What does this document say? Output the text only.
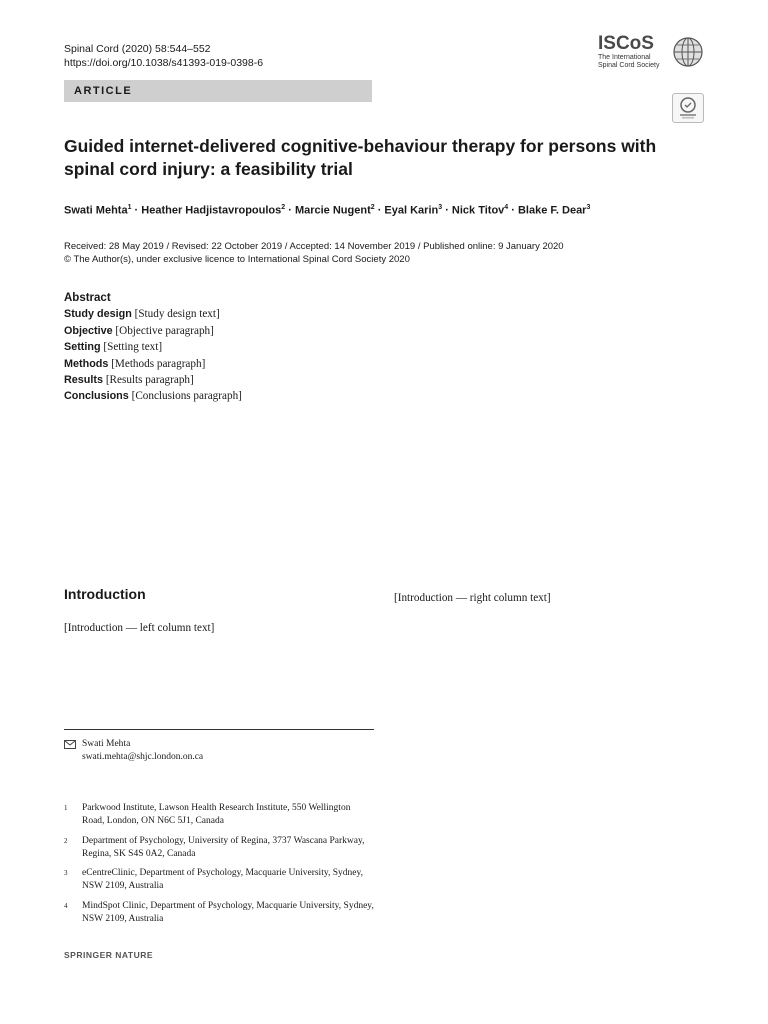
Spinal Cord (2020) 58:544–552
https://doi.org/10.1038/s41393-019-0398-6
ARTICLE
ISCoS
The International
Spinal Cord Society
Guided internet-delivered cognitive-behaviour therapy for persons with spinal cord injury: a feasibility trial
Swati Mehta$^1$ · Heather Hadjistavropoulos$^2$ · Marcie Nugent$^2$ · Eyal Karin$^3$ · Nick Titov$^4$ · Blake F. Dear$^3$
Received: 28 May 2019 / Revised: 22 October 2019 / Accepted: 14 November 2019 / Published online: 9 January 2020
© The Author(s), under exclusive licence to International Spinal Cord Society 2020
Abstract
Study design [Study design text]
Objective [Objective paragraph]
Setting [Setting text]
Methods [Methods paragraph]
Results [Results paragraph]
Conclusions [Conclusions paragraph]
Introduction
[Introduction — left column text]
[Introduction — right column text]
Swati Mehta
swati.mehta@shjc.london.on.ca
1 Parkwood Institute, Lawson Health Research Institute, 550 Wellington Road, London, ON N6C 5J1, Canada
2 Department of Psychology, University of Regina, 3737 Wascana Parkway, Regina, SK S4S 0A2, Canada
3 eCentreClinic, Department of Psychology, Macquarie University, Sydney, NSW 2109, Australia
4 MindSpot Clinic, Department of Psychology, Macquarie University, Sydney, NSW 2109, Australia
SPRINGER NATURE
